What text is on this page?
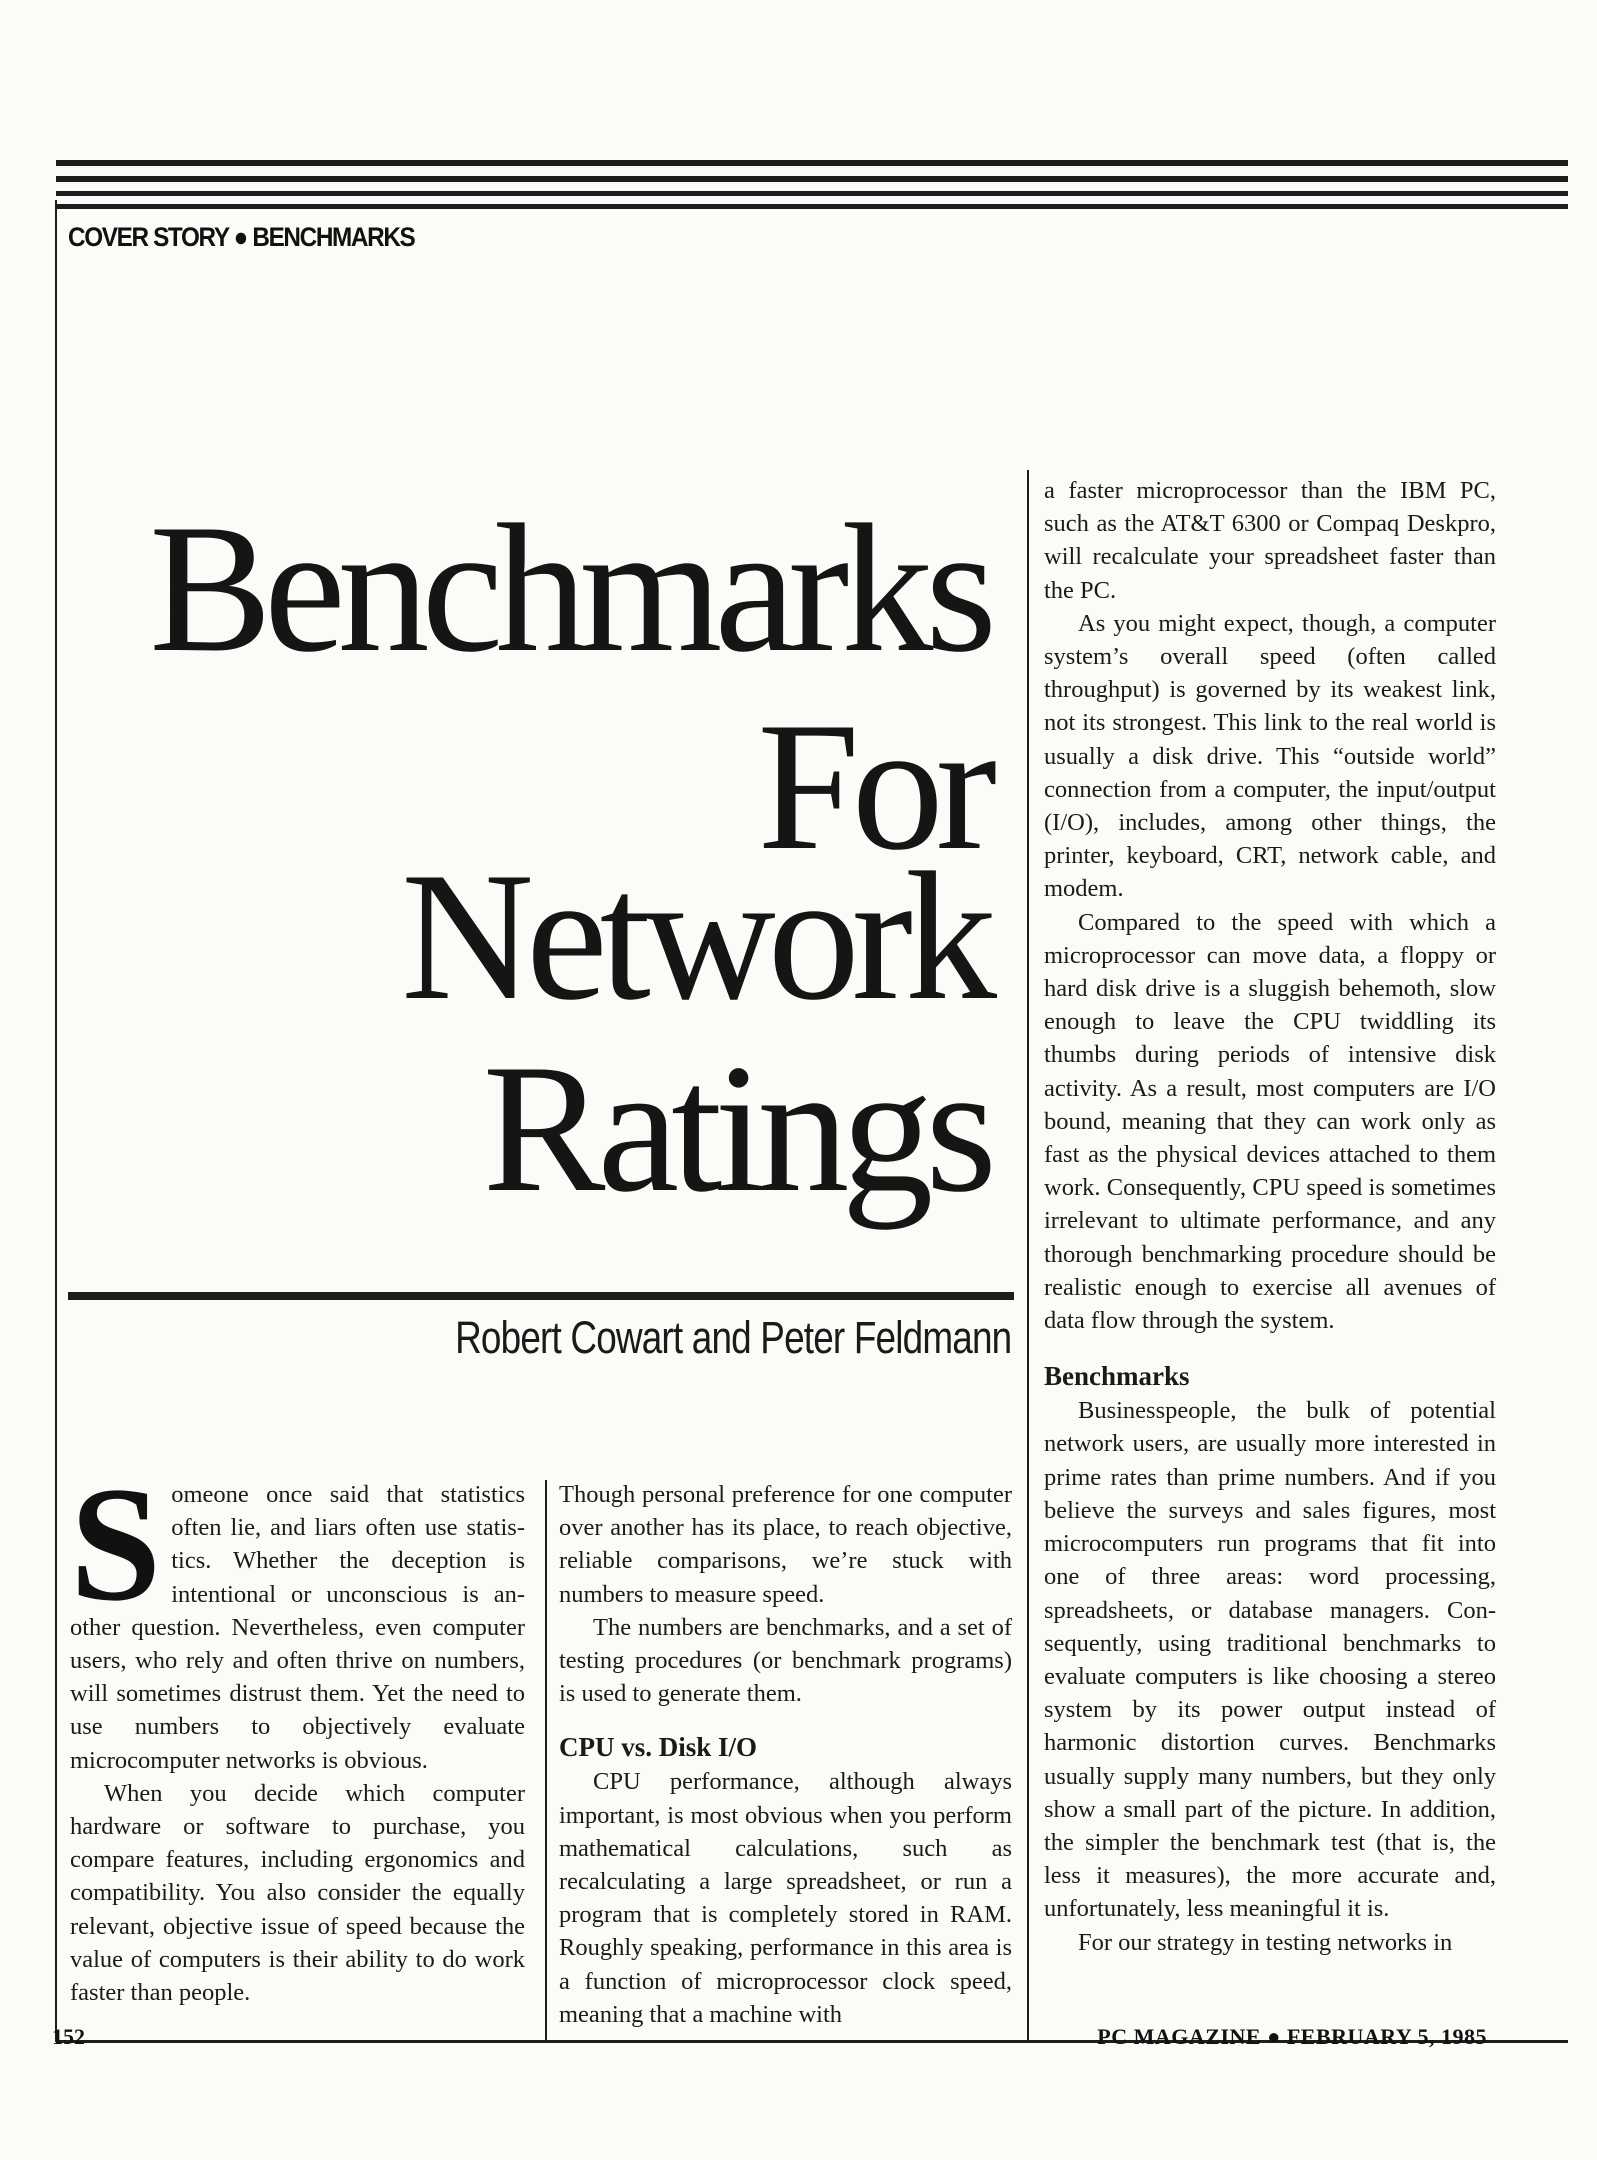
COVER STORY ● BENCHMARKS
Benchmarks
For
Network
Ratings
Robert Cowart and Peter Feldmann
S omeone once said that statistics often lie, and liars often use statistics. Whether the deception is intentional or unconscious is another question. Nevertheless, even computer users, who rely and often thrive on numbers, will sometimes distrust them. Yet the need to use numbers to objectively evaluate microcomputer networks is obvious.

When you decide which computer hardware or software to purchase, you compare features, including ergonomics and compatibility. You also consider the equally relevant, objective issue of speed because the value of computers is their ability to do work faster than people.

Though personal preference for one computer over another has its place, to reach objective, reliable comparisons, we’re stuck with numbers to measure speed.

The numbers are benchmarks, and a set of testing procedures (or benchmark programs) is used to generate them.

CPU vs. Disk I/O

CPU performance, although always important, is most obvious when you perform mathematical calculations, such as recalculating a large spreadsheet, or run a program that is completely stored in RAM. Roughly speaking, performance in this area is a function of microprocessor clock speed, meaning that a machine with

a faster microprocessor than the IBM PC, such as the AT&T 6300 or Compaq Deskpro, will recalculate your spreadsheet faster than the PC.

As you might expect, though, a computer system’s overall speed (often called throughput) is governed by its weakest link, not its strongest. This link to the real world is usually a disk drive. This “outside world” connection from a computer, the input/output (I/O), includes, among other things, the printer, keyboard, CRT, network cable, and modem.

Compared to the speed with which a microprocessor can move data, a floppy or hard disk drive is a sluggish behemoth, slow enough to leave the CPU twiddling its thumbs during periods of intensive disk activity. As a result, most computers are I/O bound, meaning that they can work only as fast as the physical devices attached to them work. Consequently, CPU speed is sometimes irrelevant to ultimate performance, and any thorough benchmarking procedure should be realistic enough to exercise all avenues of data flow through the system.

Benchmarks

Businesspeople, the bulk of potential network users, are usually more interested in prime rates than prime numbers. And if you believe the surveys and sales figures, most microcomputers run programs that fit into one of three areas: word processing, spreadsheets, or database managers. Consequently, using traditional benchmarks to evaluate computers is like choosing a stereo system by its power output instead of harmonic distortion curves. Benchmarks usually supply many numbers, but they only show a small part of the picture. In addition, the simpler the benchmark test (that is, the less it measures), the more accurate and, unfortunately, less meaningful it is.

For our strategy in testing networks in

152	PC MAGAZINE ● FEBRUARY 5, 1985
